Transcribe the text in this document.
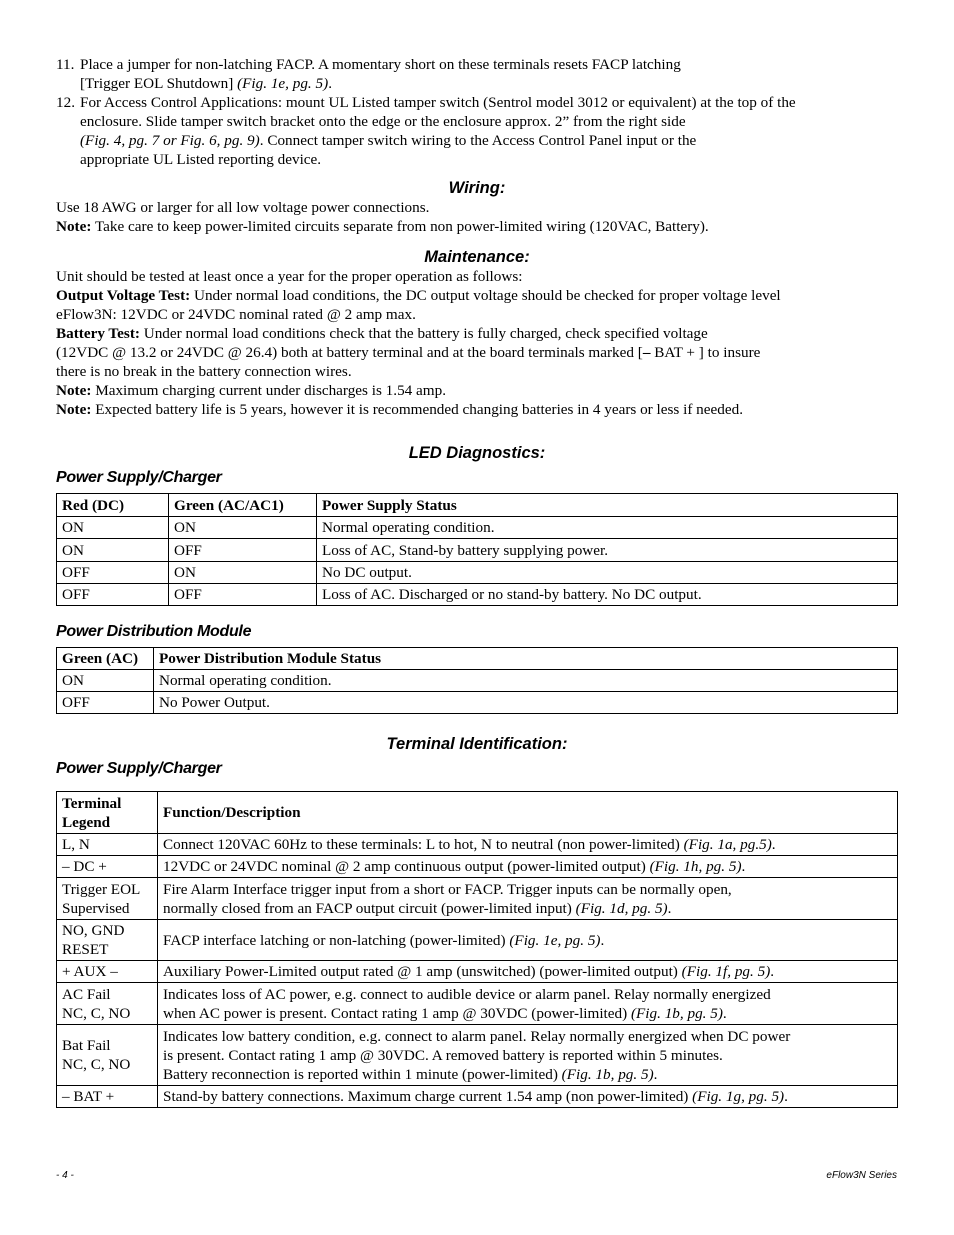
11. Place a jumper for non-latching FACP. A momentary short on these terminals resets FACP latching
[Trigger EOL Shutdown] (Fig. 1e, pg. 5).
12. For Access Control Applications: mount UL Listed tamper switch (Sentrol model 3012 or equivalent) at the top of the
enclosure. Slide tamper switch bracket onto the edge or the enclosure approx. 2” from the right side
(Fig. 4, pg. 7 or Fig. 6, pg. 9). Connect tamper switch wiring to the Access Control Panel input or the
appropriate UL Listed reporting device.
Wiring:

Use 18 AWG or larger for all low voltage power connections.

Note: Take care to keep power-limited circuits separate from non power-limited wiring (120VAC, Battery).

Maintenance:

Unit should be tested at least once a year for the proper operation as follows:

Output Voltage Test: Under normal load conditions, the DC output voltage should be checked for proper voltage level

eFlow3N: 12VDC or 24VDC nominal rated @ 2 amp max.

Battery Test: Under normal load conditions check that the battery is fully charged, check specified voltage

(12VDC @ 13.2 or 24VDC @ 26.4) both at battery terminal and at the board terminals marked [– BAT + ] to insure

there is no break in the battery connection wires.

Note: Maximum charging current under discharges is 1.54 amp.

Note: Expected battery life is 5 years, however it is recommended changing batteries in 4 years or less if needed.

LED Diagnostics:
Power Supply/Charger
Red (DC)	Green (AC/AC1)	Power Supply Status
ON	ON	Normal operating condition.
ON	OFF	Loss of AC, Stand-by battery supplying power.
OFF	ON	No DC output.
OFF	OFF	Loss of AC. Discharged or no stand-by battery. No DC output.
Power Distribution Module
Green (AC)	Power Distribution Module Status
ON	Normal operating condition.
OFF	No Power Output.
Terminal Identification:
Power Supply/Charger
Terminal
Legend	Function/Description
L, N	Connect 120VAC 60Hz to these terminals: L to hot, N to neutral (non power-limited) (Fig. 1a, pg.5).
– DC +	12VDC or 24VDC nominal @ 2 amp continuous output (power-limited output) (Fig. 1h, pg. 5).
Trigger EOL
Supervised	Fire Alarm Interface trigger input from a short or FACP. Trigger inputs can be normally open,
normally closed from an FACP output circuit (power-limited input) (Fig. 1d, pg. 5).
NO, GND
RESET	FACP interface latching or non-latching (power-limited) (Fig. 1e, pg. 5).
+ AUX –	Auxiliary Power-Limited output rated @ 1 amp (unswitched) (power-limited output) (Fig. 1f, pg. 5).
AC Fail
NC, C, NO	Indicates loss of AC power, e.g. connect to audible device or alarm panel. Relay normally energized
when AC power is present. Contact rating 1 amp @ 30VDC (power-limited) (Fig. 1b, pg. 5).
Bat Fail
NC, C, NO	Indicates low battery condition, e.g. connect to alarm panel. Relay normally energized when DC power
is present. Contact rating 1 amp @ 30VDC. A removed battery is reported within 5 minutes.
Battery reconnection is reported within 1 minute (power-limited) (Fig. 1b, pg. 5).
– BAT +	Stand-by battery connections. Maximum charge current 1.54 amp (non power-limited) (Fig. 1g, pg. 5).
- 4 -	eFlow3N Series
